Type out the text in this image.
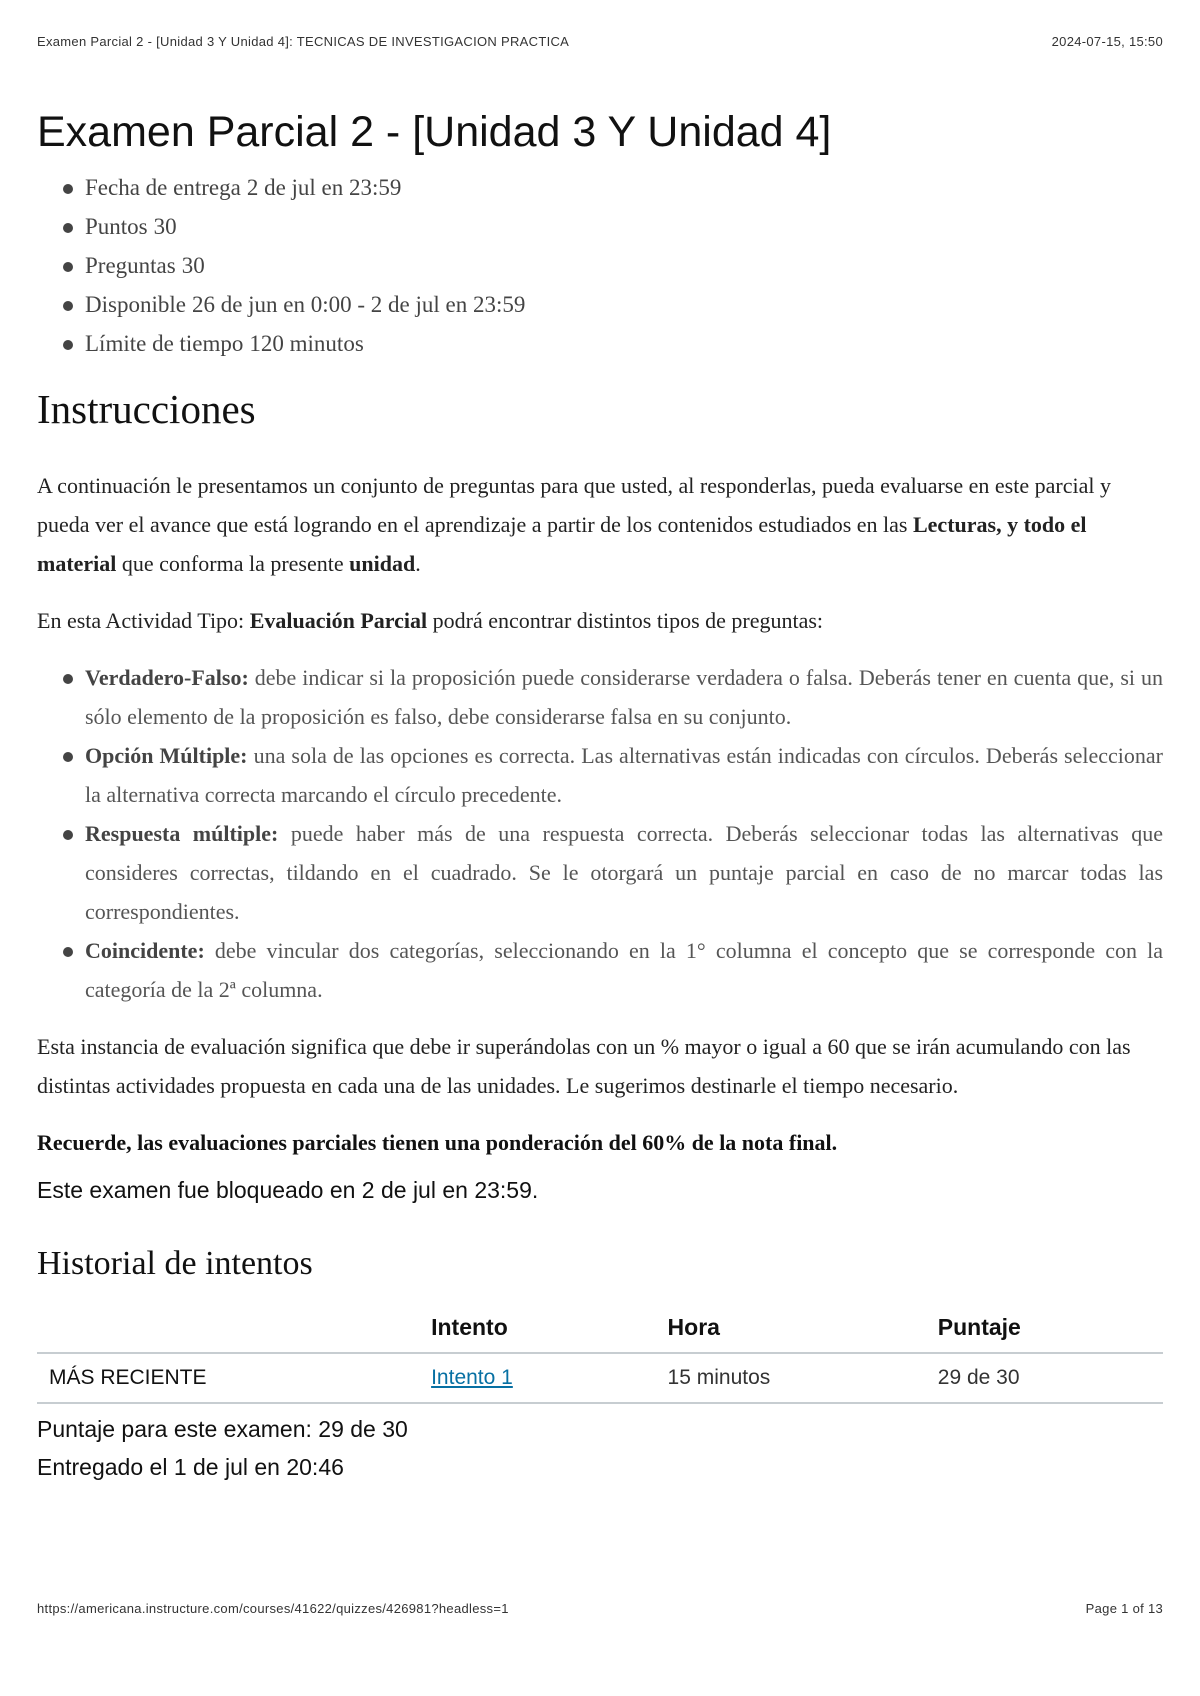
Examen Parcial 2 - [Unidad 3 Y Unidad 4]: TECNICAS DE INVESTIGACION PRACTICA	2024-07-15, 15:50
Examen Parcial 2 - [Unidad 3 Y Unidad 4]
Fecha de entrega 2 de jul en 23:59
Puntos 30
Preguntas 30
Disponible 26 de jun en 0:00 - 2 de jul en 23:59
Límite de tiempo 120 minutos
Instrucciones

A continuación le presentamos un conjunto de preguntas para que usted, al responderlas, pueda evaluarse en este parcial y pueda ver el avance que está logrando en el aprendizaje a partir de los contenidos estudiados en las Lecturas, y todo el material que conforma la presente unidad.

En esta Actividad Tipo: Evaluación Parcial podrá encontrar distintos tipos de preguntas:

Verdadero-Falso: debe indicar si la proposición puede considerarse verdadera o falsa. Deberás tener en cuenta que, si un sólo elemento de la proposición es falso, debe considerarse falsa en su conjunto.
Opción Múltiple: una sola de las opciones es correcta. Las alternativas están indicadas con círculos. Deberás seleccionar la alternativa correcta marcando el círculo precedente.
Respuesta múltiple: puede haber más de una respuesta correcta. Deberás seleccionar todas las alternativas que consideres correctas, tildando en el cuadrado. Se le otorgará un puntaje parcial en caso de no marcar todas las correspondientes.
Coincidente: debe vincular dos categorías, seleccionando en la 1° columna el concepto que se corresponde con la categoría de la 2ª columna.

Esta instancia de evaluación significa que debe ir superándolas con un % mayor o igual a 60 que se irán acumulando con las distintas actividades propuesta en cada una de las unidades. Le sugerimos destinarle el tiempo necesario.

Recuerde, las evaluaciones parciales tienen una ponderación del 60% de la nota final.

Este examen fue bloqueado en 2 de jul en 23:59.

Historial de intentos
	Intento	Hora	Puntaje
MÁS RECIENTE	Intento 1	15 minutos	29 de 30
Puntaje para este examen: 29 de 30
Entregado el 1 de jul en 20:46
https://americana.instructure.com/courses/41622/quizzes/426981?headless=1	Page 1 of 13
